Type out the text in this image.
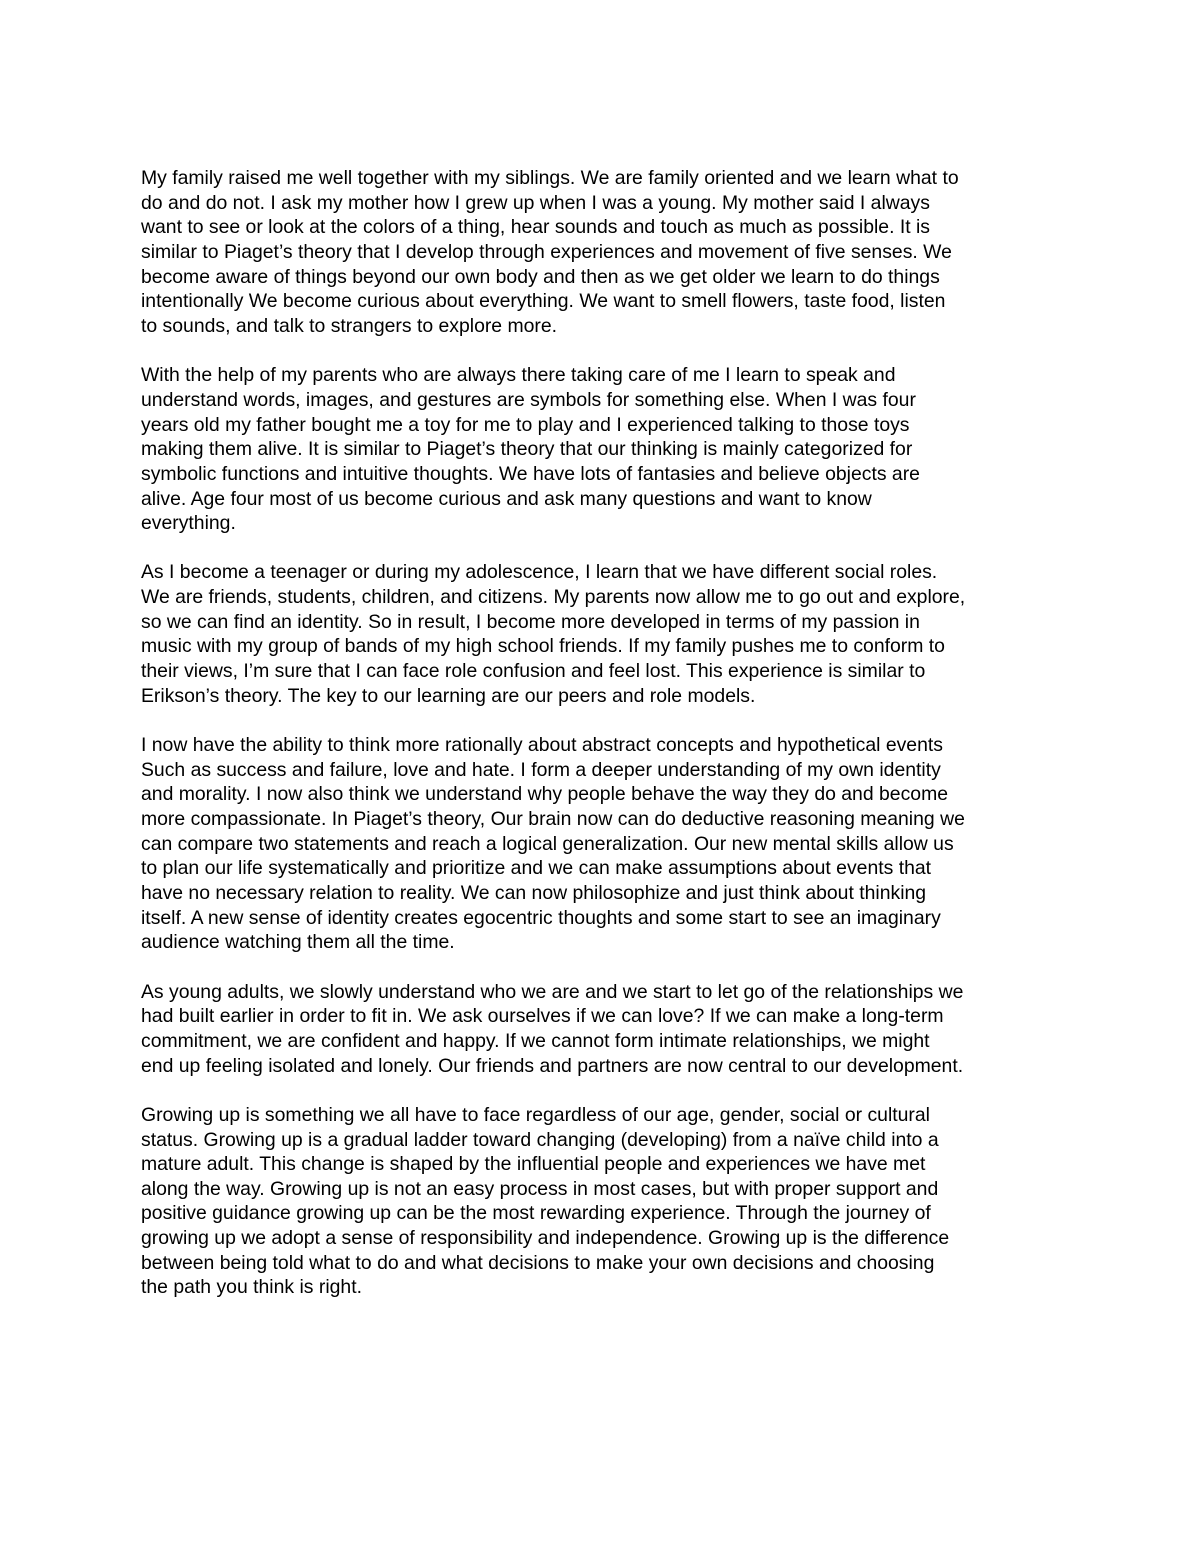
My family raised me well together with my siblings. We are family oriented and we learn what to
do and do not. I ask my mother how I grew up when I was a young. My mother said I always
want to see or look at the colors of a thing, hear sounds and touch as much as possible. It is
similar to Piaget’s theory that I develop through experiences and movement of five senses. We
become aware of things beyond our own body and then as we get older we learn to do things
intentionally We become curious about everything. We want to smell flowers, taste food, listen
to sounds, and talk to strangers to explore more.

With the help of my parents who are always there taking care of me I learn to speak and
understand words, images, and gestures are symbols for something else. When I was four
years old my father bought me a toy for me to play and I experienced talking to those toys
making them alive. It is similar to Piaget’s theory that our thinking is mainly categorized for
symbolic functions and intuitive thoughts. We have lots of fantasies and believe objects are
alive. Age four most of us become curious and ask many questions and want to know
everything.

As I become a teenager or during my adolescence, I learn that we have different social roles.
We are friends, students, children, and citizens. My parents now allow me to go out and explore,
so we can find an identity. So in result, I become more developed in terms of my passion in
music with my group of bands of my high school friends. If my family pushes me to conform to
their views, I’m sure that I can face role confusion and feel lost. This experience is similar to
Erikson’s theory. The key to our learning are our peers and role models.

I now have the ability to think more rationally about abstract concepts and hypothetical events
Such as success and failure, love and hate. I form a deeper understanding of my own identity
and morality. I now also think we understand why people behave the way they do and become
more compassionate. In Piaget’s theory, Our brain now can do deductive reasoning meaning we
can compare two statements and reach a logical generalization. Our new mental skills allow us
to plan our life systematically and prioritize and we can make assumptions about events that
have no necessary relation to reality. We can now philosophize and just think about thinking
itself. A new sense of identity creates egocentric thoughts and some start to see an imaginary
audience watching them all the time.

As young adults, we slowly understand who we are and we start to let go of the relationships we
had built earlier in order to fit in. We ask ourselves if we can love? If we can make a long-term
commitment, we are confident and happy. If we cannot form intimate relationships, we might
end up feeling isolated and lonely. Our friends and partners are now central to our development.

Growing up is something we all have to face regardless of our age, gender, social or cultural
status. Growing up is a gradual ladder toward changing (developing) from a naïve child into a
mature adult. This change is shaped by the influential people and experiences we have met
along the way. Growing up is not an easy process in most cases, but with proper support and
positive guidance growing up can be the most rewarding experience. Through the journey of
growing up we adopt a sense of responsibility and independence. Growing up is the difference
between being told what to do and what decisions to make your own decisions and choosing
the path you think is right.
